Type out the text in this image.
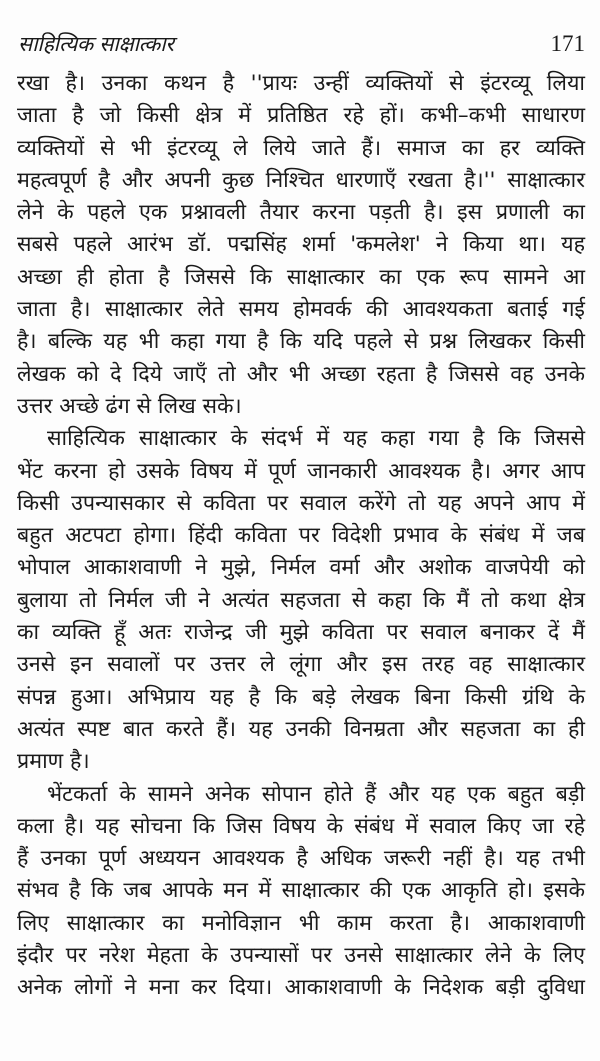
साहित्यिक साक्षात्कार	171
रखा है। उनका कथन है ''प्रायः उन्हीं व्यक्तियों से इंटरव्यू लिया
जाता है जो किसी क्षेत्र में प्रतिष्ठित रहे हों। कभी–कभी साधारण
व्यक्तियों से भी इंटरव्यू ले लिये जाते हैं। समाज का हर व्यक्ति
महत्वपूर्ण है और अपनी कुछ निश्चित धारणाएँ रखता है।'' साक्षात्कार
लेने के पहले एक प्रश्नावली तैयार करना पड़ती है। इस प्रणाली का
सबसे पहले आरंभ डॉ. पद्मसिंह शर्मा 'कमलेश' ने किया था। यह
अच्छा ही होता है जिससे कि साक्षात्कार का एक रूप सामने आ
जाता है। साक्षात्कार लेते समय होमवर्क की आवश्यकता बताई गई
है। बल्कि यह भी कहा गया है कि यदि पहले से प्रश्न लिखकर किसी
लेखक को दे दिये जाएँ तो और भी अच्छा रहता है जिससे वह उनके
उत्तर अच्छे ढंग से लिख सके।
साहित्यिक साक्षात्कार के संदर्भ में यह कहा गया है कि जिससे
भेंट करना हो उसके विषय में पूर्ण जानकारी आवश्यक है। अगर आप
किसी उपन्यासकार से कविता पर सवाल करेंगे तो यह अपने आप में
बहुत अटपटा होगा। हिंदी कविता पर विदेशी प्रभाव के संबंध में जब
भोपाल आकाशवाणी ने मुझे, निर्मल वर्मा और अशोक वाजपेयी को
बुलाया तो निर्मल जी ने अत्यंत सहजता से कहा कि मैं तो कथा क्षेत्र
का व्यक्ति हूँ अतः राजेन्द्र जी मुझे कविता पर सवाल बनाकर दें मैं
उनसे इन सवालों पर उत्तर ले लूंगा और इस तरह वह साक्षात्कार
संपन्न हुआ। अभिप्राय यह है कि बड़े लेखक बिना किसी ग्रंथि के
अत्यंत स्पष्ट बात करते हैं। यह उनकी विनम्रता और सहजता का ही
प्रमाण है।
भेंटकर्ता के सामने अनेक सोपान होते हैं और यह एक बहुत बड़ी
कला है। यह सोचना कि जिस विषय के संबंध में सवाल किए जा रहे
हैं उनका पूर्ण अध्ययन आवश्यक है अधिक जरूरी नहीं है। यह तभी
संभव है कि जब आपके मन में साक्षात्कार की एक आकृति हो। इसके
लिए साक्षात्कार का मनोविज्ञान भी काम करता है। आकाशवाणी
इंदौर पर नरेश मेहता के उपन्यासों पर उनसे साक्षात्कार लेने के लिए
अनेक लोगों ने मना कर दिया। आकाशवाणी के निदेशक बड़ी दुविधा
